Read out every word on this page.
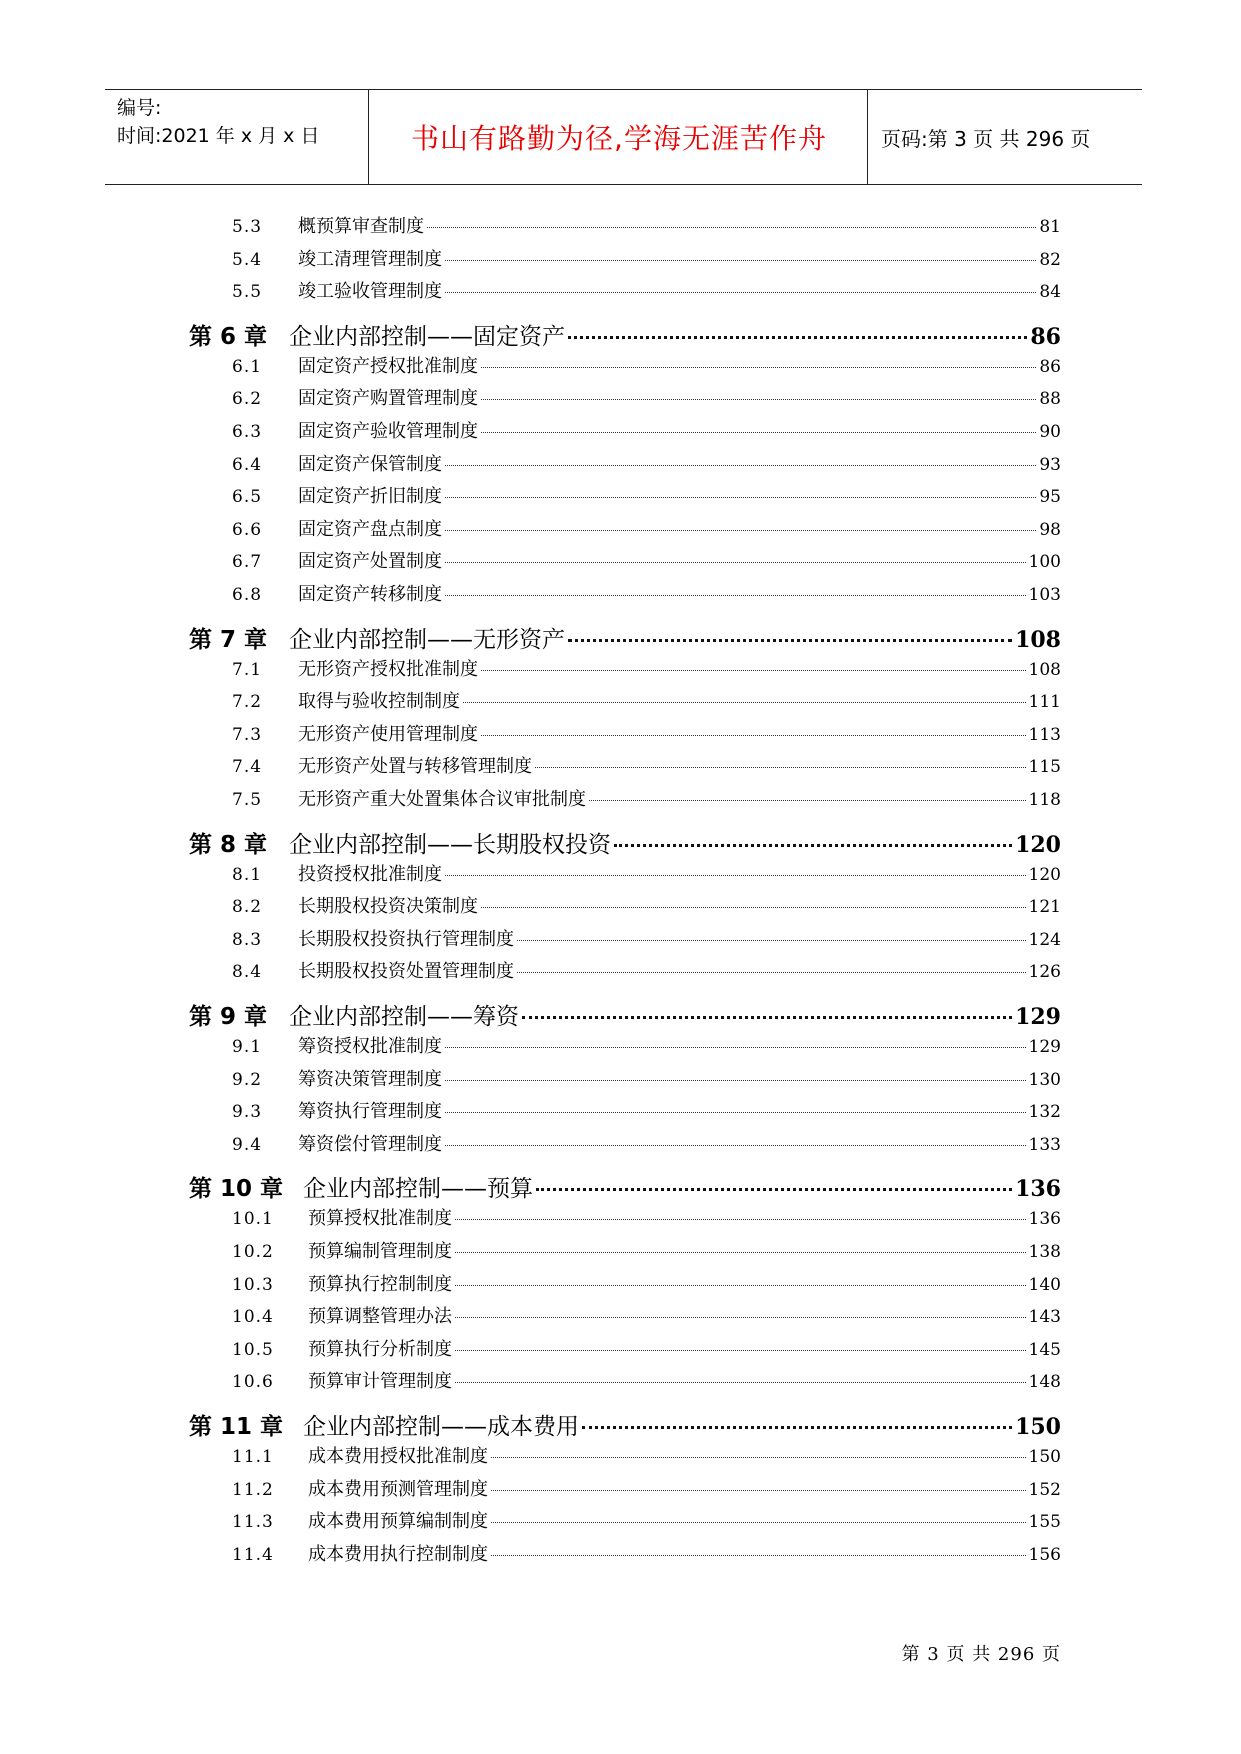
编号:
时间:2021 年 x 月 x 日	书山有路勤为径,学海无涯苦作舟	页码:第 3 页 共 296 页
5.3	概预算审查制度	81
5.4	竣工清理管理制度	82
5.5	竣工验收管理制度	84
第 6 章 企业内部控制——固定资产	86
6.1	固定资产授权批准制度	86
6.2	固定资产购置管理制度	88
6.3	固定资产验收管理制度	90
6.4	固定资产保管制度	93
6.5	固定资产折旧制度	95
6.6	固定资产盘点制度	98
6.7	固定资产处置制度	100
6.8	固定资产转移制度	103
第 7 章 企业内部控制——无形资产	108
7.1	无形资产授权批准制度	108
7.2	取得与验收控制制度	111
7.3	无形资产使用管理制度	113
7.4	无形资产处置与转移管理制度	115
7.5	无形资产重大处置集体合议审批制度	118
第 8 章 企业内部控制——长期股权投资	120
8.1	投资授权批准制度	120
8.2	长期股权投资决策制度	121
8.3	长期股权投资执行管理制度	124
8.4	长期股权投资处置管理制度	126
第 9 章 企业内部控制——筹资	129
9.1	筹资授权批准制度	129
9.2	筹资决策管理制度	130
9.3	筹资执行管理制度	132
9.4	筹资偿付管理制度	133
第 10 章 企业内部控制——预算	136
10.1	预算授权批准制度	136
10.2	预算编制管理制度	138
10.3	预算执行控制制度	140
10.4	预算调整管理办法	143
10.5	预算执行分析制度	145
10.6	预算审计管理制度	148
第 11 章 企业内部控制——成本费用	150
11.1	成本费用授权批准制度	150
11.2	成本费用预测管理制度	152
11.3	成本费用预算编制制度	155
11.4	成本费用执行控制制度	156
第 3 页 共 296 页
